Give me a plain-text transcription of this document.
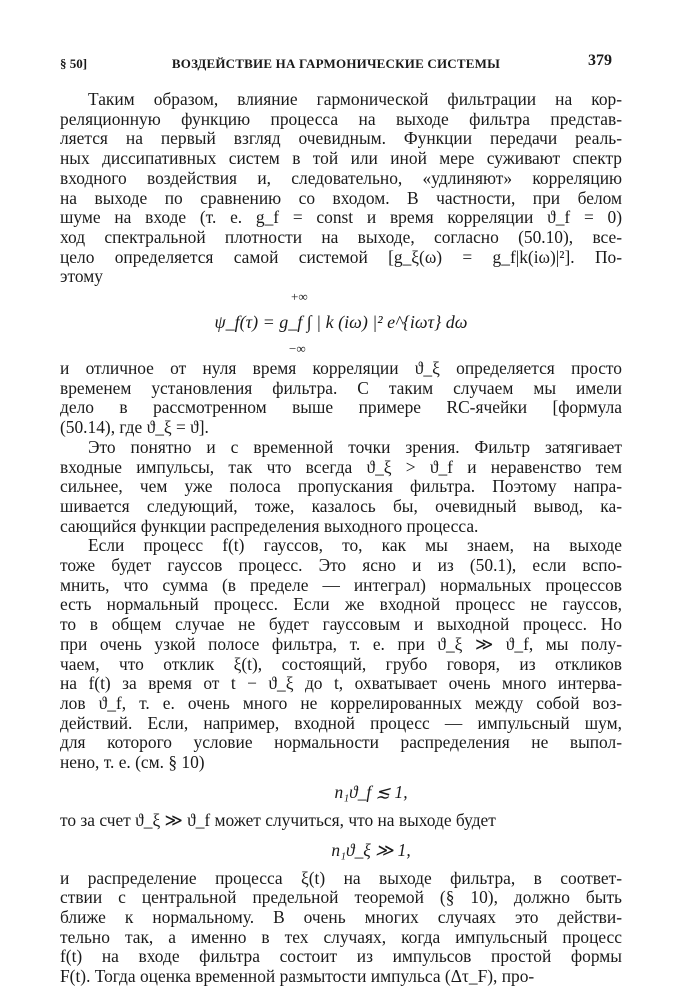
§ 50]	ВОЗДЕЙСТВИЕ НА ГАРМОНИЧЕСКИЕ СИСТЕМЫ	379

Таким образом, влияние гармонической фильтрации на кор-

реляционную функцию процесса на выходе фильтра представ-

ляется на первый взгляд очевидным. Функции передачи реаль-

ных диссипативных систем в той или иной мере суживают спектр

входного воздействия и, следовательно, «удлиняют» корреляцию

на выходе по сравнению со входом. В частности, при белом

шуме на входе (т. е. g_f = const и время корреляции ϑ_f = 0)

ход спектральной плотности на выходе, согласно (50.10), все-

цело определяется самой системой [g_ξ(ω) = g_f|k(iω)|²]. По-

этому

+∞
ψ_f(τ) = g_f ∫ | k (iω) |² e^{iωτ} dω
−∞

и отличное от нуля время корреляции ϑ_ξ определяется просто

временем установления фильтра. С таким случаем мы имели

дело в рассмотренном выше примере RC-ячейки [формула

(50.14), где ϑ_ξ = ϑ].

Это понятно и с временной точки зрения. Фильтр затягивает

входные импульсы, так что всегда ϑ_ξ > ϑ_f и неравенство тем

сильнее, чем уже полоса пропускания фильтра. Поэтому напра-

шивается следующий, тоже, казалось бы, очевидный вывод, ка-

сающийся функции распределения выходного процесса.

Если процесс f(t) гауссов, то, как мы знаем, на выходе

тоже будет гауссов процесс. Это ясно и из (50.1), если вспо-

мнить, что сумма (в пределе — интеграл) нормальных процессов

есть нормальный процесс. Если же входной процесс не гауссов,

то в общем случае не будет гауссовым и выходной процесс. Но

при очень узкой полосе фильтра, т. е. при ϑ_ξ ≫ ϑ_f, мы полу-

чаем, что отклик ξ(t), состоящий, грубо говоря, из откликов

на f(t) за время от t − ϑ_ξ до t, охватывает очень много интерва-

лов ϑ_f, т. е. очень много не коррелированных между собой воз-

действий. Если, например, входной процесс — импульсный шум,

для которого условие нормальности распределения не выпол-

нено, т. е. (см. § 10)

n₁ϑ_f ≲ 1,

то за счет ϑ_ξ ≫ ϑ_f может случиться, что на выходе будет

n₁ϑ_ξ ≫ 1,

и распределение процесса ξ(t) на выходе фильтра, в соответ-

ствии с центральной предельной теоремой (§ 10), должно быть

ближе к нормальному. В очень многих случаях это действи-

тельно так, а именно в тех случаях, когда импульсный процесс

f(t) на входе фильтра состоит из импульсов простой формы

F(t). Тогда оценка временной размытости импульса (Δτ_F), про-
